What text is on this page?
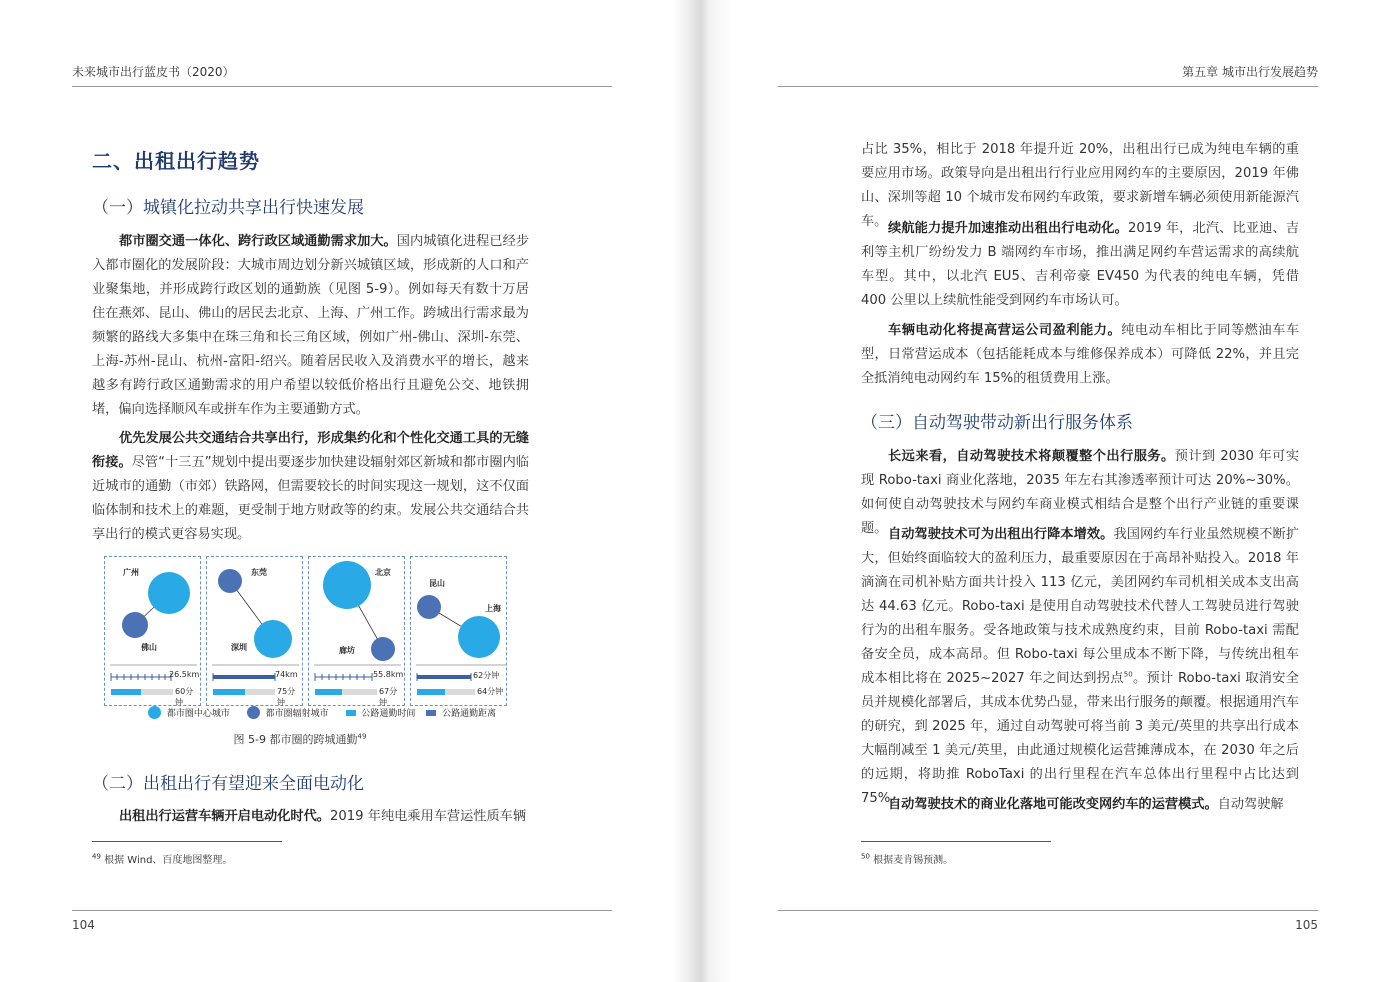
未来城市出行蓝皮书（2020）
二、出租出行趋势
（一）城镇化拉动共享出行快速发展
都市圈交通一体化、跨行政区域通勤需求加大。国内城镇化进程已经步入都市圈化的发展阶段：大城市周边划分新兴城镇区域，形成新的人口和产业聚集地，并形成跨行政区划的通勤族（见图 5-9）。例如每天有数十万居住在燕郊、昆山、佛山的居民去北京、上海、广州工作。跨城出行需求最为频繁的路线大多集中在珠三角和长三角区域，例如广州-佛山、深圳-东莞、上海-苏州-昆山、杭州-富阳-绍兴。随着居民收入及消费水平的增长，越来越多有跨行政区通勤需求的用户希望以较低价格出行且避免公交、地铁拥堵，偏向选择顺风车或拼车作为主要通勤方式。
优先发展公共交通结合共享出行，形成集约化和个性化交通工具的无缝衔接。尽管“十三五”规划中提出要逐步加快建设辐射郊区新城和都市圈内临近城市的通勤（市郊）铁路网，但需要较长的时间实现这一规划，这不仅面临体制和技术上的难题，更受制于地方财政等的约束。发展公共交通结合共享出行的模式更容易实现。
广州
佛山
26.5km
60分钟
东莞
深圳
74km
75分钟
北京
廊坊
55.8km
67分钟
昆山
上海
62分钟
64分钟
都市圈中心城市	都市圈辐射城市	公路通勤时间	公路通勤距离
图 5-9 都市圈的跨城通勤$^{49}$
（二）出租出行有望迎来全面电动化
出租出行运营车辆开启电动化时代。2019 年纯电乘用车营运性质车辆
$^{49}$ 根据 Wind、百度地图整理。
104
第五章 城市出行发展趋势
占比 35%，相比于 2018 年提升近 20%，出租出行已成为纯电车辆的重要应用市场。政策导向是出租出行行业应用网约车的主要原因，2019 年佛山、深圳等超 10 个城市发布网约车政策，要求新增车辆必须使用新能源汽车。 续航能力提升加速推动出租出行电动化。2019 年，北汽、比亚迪、吉利等主机厂纷纷发力 B 端网约车市场，推出满足网约车营运需求的高续航车型。其中，以北汽 EU5、吉利帝豪 EV450 为代表的纯电车辆，凭借 400 公里以上续航性能受到网约车市场认可。
车辆电动化将提高营运公司盈利能力。纯电动车相比于同等燃油车车型，日常营运成本（包括能耗成本与维修保养成本）可降低 22%，并且完全抵消纯电动网约车 15%的租赁费用上涨。
（三）自动驾驶带动新出行服务体系
长远来看，自动驾驶技术将颠覆整个出行服务。预计到 2030 年可实现 Robo-taxi 商业化落地，2035 年左右其渗透率预计可达 20%~30%。如何使自动驾驶技术与网约车商业模式相结合是整个出行产业链的重要课题。 自动驾驶技术可为出租出行降本增效。我国网约车行业虽然规模不断扩大，但始终面临较大的盈利压力，最重要原因在于高昂补贴投入。2018 年滴滴在司机补贴方面共计投入 113 亿元，美团网约车司机相关成本支出高达 44.63 亿元。Robo-taxi 是使用自动驾驶技术代替人工驾驶员进行驾驶行为的出租车服务。受各地政策与技术成熟度约束，目前 Robo-taxi 需配备安全员，成本高昂。但 Robo-taxi 每公里成本不断下降，与传统出租车成本相比将在 2025~2027 年之间达到拐点$^{50}$。预计 Robo-taxi 取消安全员并规模化部署后，其成本优势凸显，带来出行服务的颠覆。根据通用汽车的研究，到 2025 年，通过自动驾驶可将当前 3 美元/英里的共享出行成本大幅削减至 1 美元/英里，由此通过规模化运营摊薄成本，在 2030 年之后的远期，将助推 RoboTaxi 的出行里程在汽车总体出行里程中占比达到 75%。
自动驾驶技术的商业化落地可能改变网约车的运营模式。自动驾驶解
$^{50}$ 根据麦肯锡预测。
105
